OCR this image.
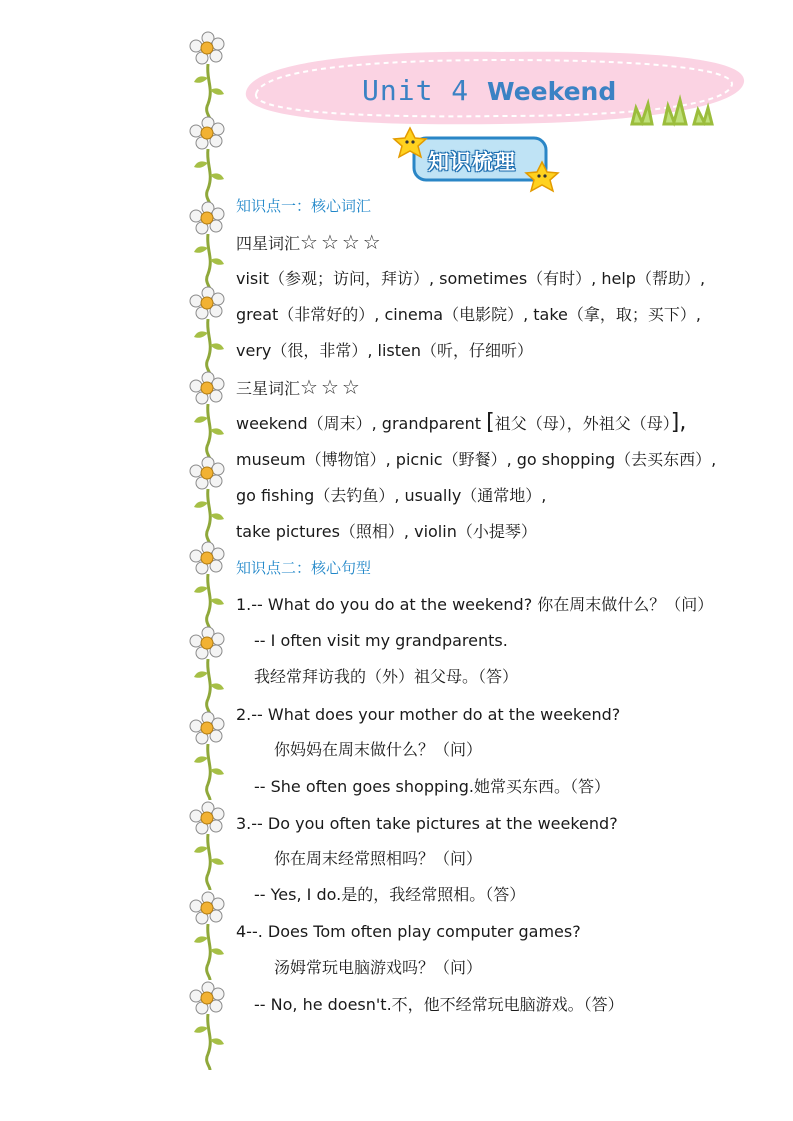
Unit 4 Weekend
知识梳理
知识点一：核心词汇
四星词汇☆☆☆☆
visit（参观；访问，拜访）, sometimes（有时）, help（帮助）,
great（非常好的）, cinema（电影院）, take（拿，取；买下）,
very（很，非常）, listen（听，仔细听）
三星词汇☆☆☆
weekend（周末）, grandparent [祖父（母），外祖父（母）],
museum（博物馆）, picnic（野餐）, go shopping（去买东西）,
go fishing（去钓鱼）, usually（通常地）,
take pictures（照相）, violin（小提琴）
知识点二：核心句型
1.-- What do you do at the weekend? 你在周末做什么？（问）
-- I often visit my grandparents.
我经常拜访我的（外）祖父母。（答）
2.-- What does your mother do at the weekend?
你妈妈在周末做什么？（问）
-- She often goes shopping.她常买东西。（答）
3.-- Do you often take pictures at the weekend?
你在周末经常照相吗？（问）
-- Yes, I do.是的，我经常照相。（答）
4--. Does Tom often play computer games?
汤姆常玩电脑游戏吗？（问）
-- No, he doesn't.不，他不经常玩电脑游戏。（答）
